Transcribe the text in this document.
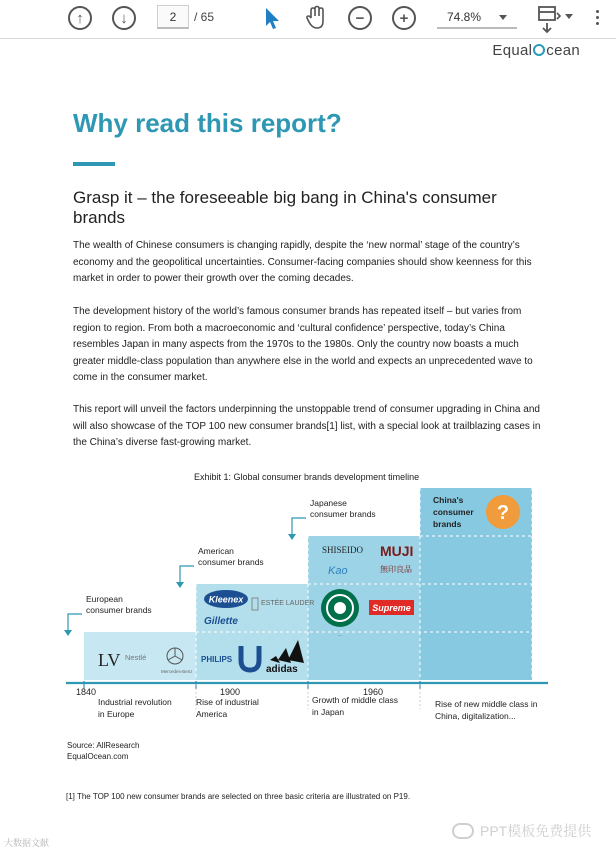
↑	↓	2	/ 65	−	+	74.8%
Equal cean
Why read this report?
Grasp it – the foreseeable big bang in China's consumer brands
The wealth of Chinese consumers is changing rapidly, despite the ‘new normal’ stage of the country’s economy and the geopolitical uncertainties. Consumer-facing companies should show keenness for this market in order to power their growth over the coming decades.
The development history of the world’s famous consumer brands has repeated itself – but varies from region to region. From both a macroeconomic and ‘cultural confidence’ perspective, today’s China resembles Japan in many aspects from the 1970s to the 1980s. Only the country now boasts a much greater middle-class population than anywhere else in the world and expects an unprecedented wave to come in the consumer market.
This report will unveil the factors underpinning the unstoppable trend of consumer upgrading in China and will also showcase of the TOP 100 new consumer brands[1] list, with a special look at trailblazing cases in the China’s diverse fast-growing market.
Exhibit 1: Global consumer brands development timeline
European consumer brands
American consumer brands
Japanese consumer brands
China's consumer brands	?
LV Nestlé
Mercedes-Benz
Kleenex	ESTÉE LAUDER
Gillette
PHILIPS
Unilever adidas
SHISEIDO MUJI
無印良品
Kao
Starbucks
Supreme
1840	1900	1960
Industrial revolution in Europe
Rise of industrial America
Growth of middle class in Japan
Rise of new middle class in China, digitalization...
Source: AllResearch
EqualOcean.com
[1] The TOP 100 new consumer brands are selected on three basic criteria are illustrated on P19.
大数据文献
PPT模板免费提供
